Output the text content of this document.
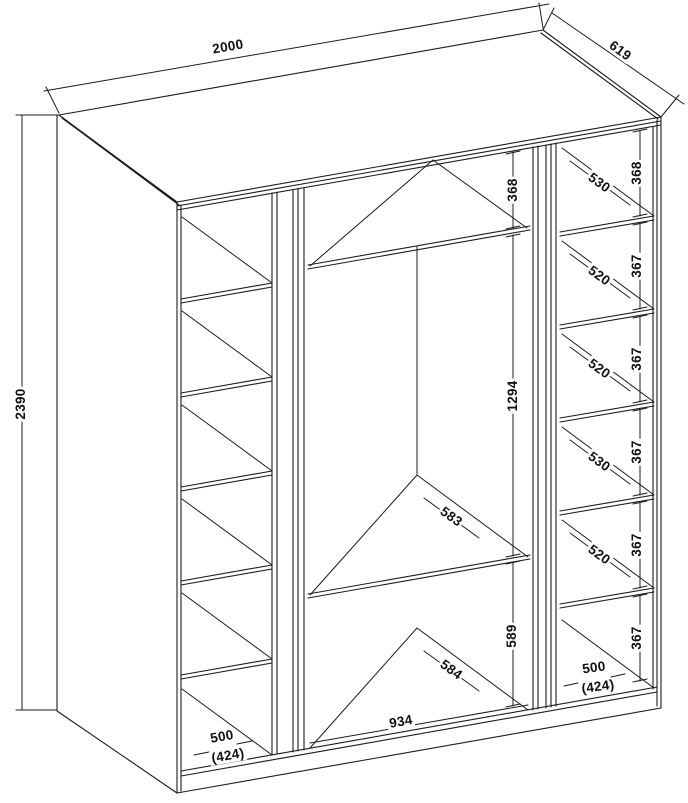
2000	619
2390
368
1294
583
589
584
934
500
(424)
368
367
367
367
367
367
530
520
520
530
520
500
(424)
